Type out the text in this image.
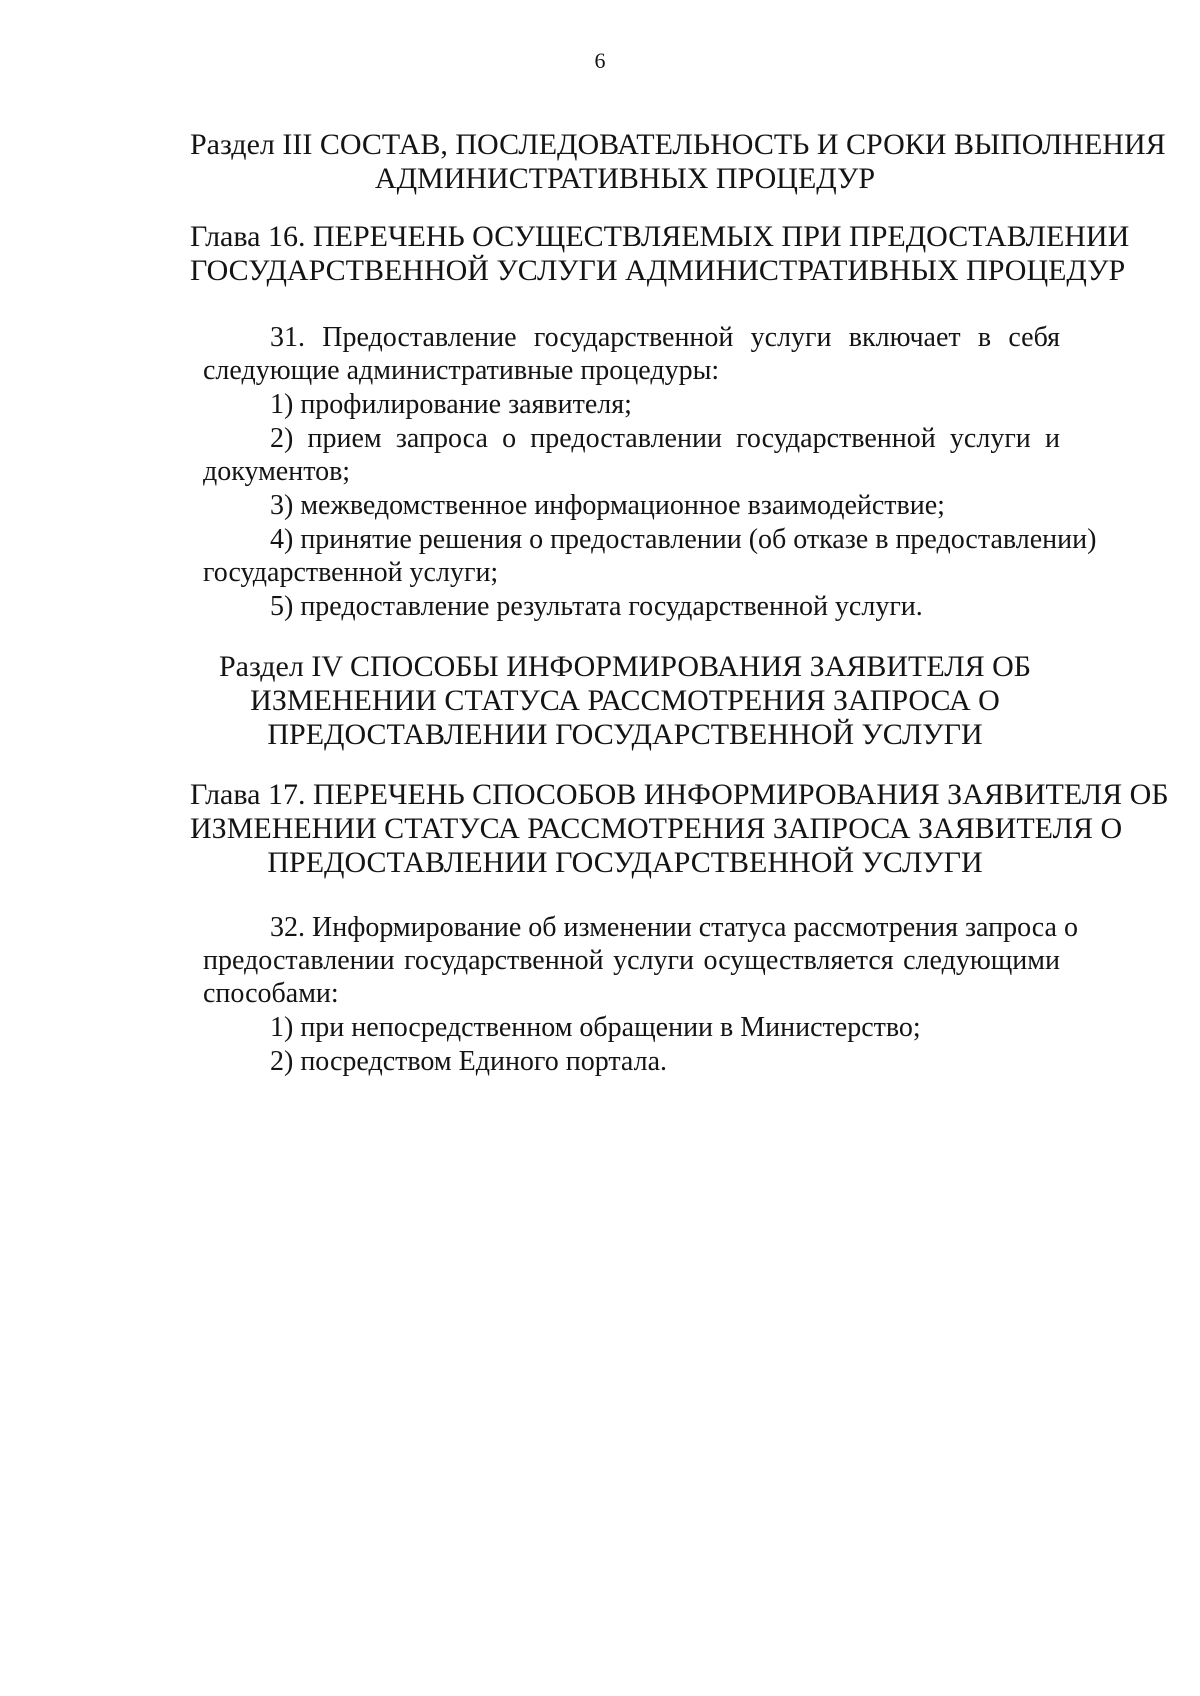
6
Раздел III СОСТАВ, ПОСЛЕДОВАТЕЛЬНОСТЬ И СРОКИ ВЫПОЛНЕНИЯ
АДМИНИСТРАТИВНЫХ ПРОЦЕДУР
Глава 16. ПЕРЕЧЕНЬ ОСУЩЕСТВЛЯЕМЫХ ПРИ ПРЕДОСТАВЛЕНИИ
ГОСУДАРСТВЕННОЙ УСЛУГИ АДМИНИСТРАТИВНЫХ ПРОЦЕДУР
31. Предоставление государственной услуги включает в себя
следующие административные процедуры:
1) профилирование заявителя;
2) прием запроса о предоставлении государственной услуги и
документов;
3) межведомственное информационное взаимодействие;
4) принятие решения о предоставлении (об отказе в предоставлении)
государственной услуги;
5) предоставление результата государственной услуги.
Раздел IV СПОСОБЫ ИНФОРМИРОВАНИЯ ЗАЯВИТЕЛЯ ОБ
ИЗМЕНЕНИИ СТАТУСА РАССМОТРЕНИЯ ЗАПРОСА О
ПРЕДОСТАВЛЕНИИ ГОСУДАРСТВЕННОЙ УСЛУГИ
Глава 17. ПЕРЕЧЕНЬ СПОСОБОВ ИНФОРМИРОВАНИЯ ЗАЯВИТЕЛЯ ОБ
ИЗМЕНЕНИИ СТАТУСА РАССМОТРЕНИЯ ЗАПРОСА ЗАЯВИТЕЛЯ О
ПРЕДОСТАВЛЕНИИ ГОСУДАРСТВЕННОЙ УСЛУГИ
32. Информирование об изменении статуса рассмотрения запроса о
предоставлении государственной услуги осуществляется следующими
способами:
1) при непосредственном обращении в Министерство;
2) посредством Единого портала.
